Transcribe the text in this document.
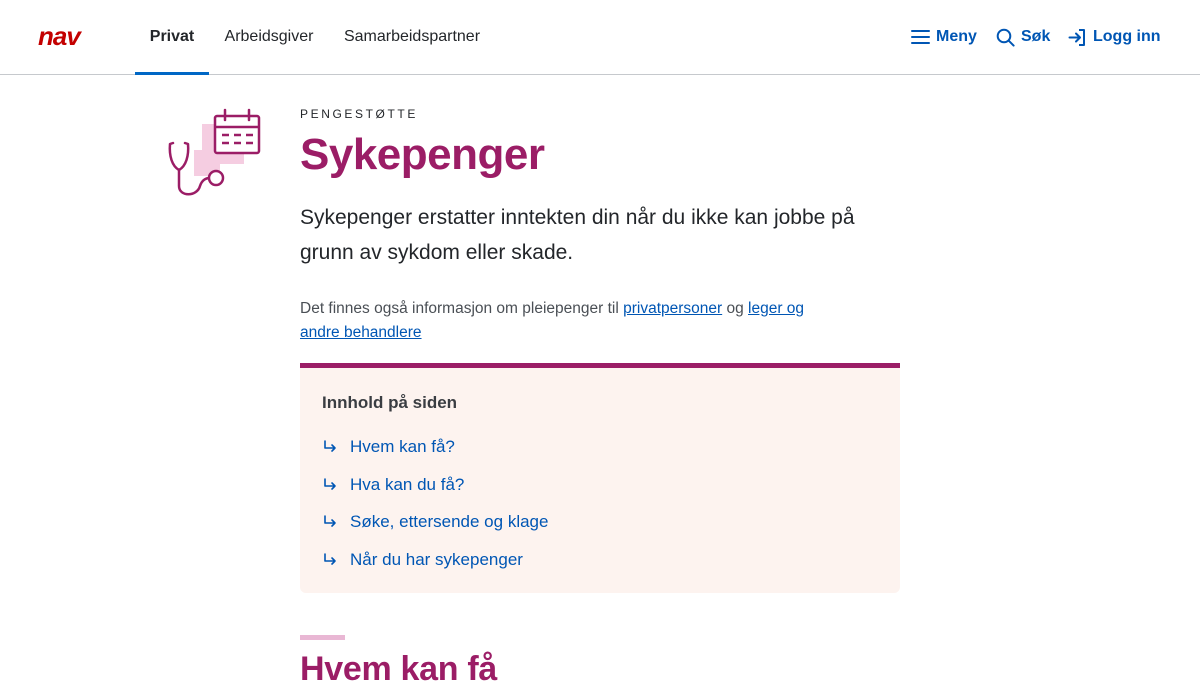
nav	Privat	Arbeidsgiver	Samarbeidspartner	Meny	Søk	Logg inn
PENGESTØTTE
Sykepenger

Sykepenger erstatter inntekten din når du ikke kan jobbe på grunn av sykdom eller skade.

Det finnes også informasjon om pleiepenger til privatpersoner og leger og andre behandlere

Innhold på siden
Hvem kan få?
Hva kan du få?
Søke, ettersende og klage
Når du har sykepenger
Hvem kan få
